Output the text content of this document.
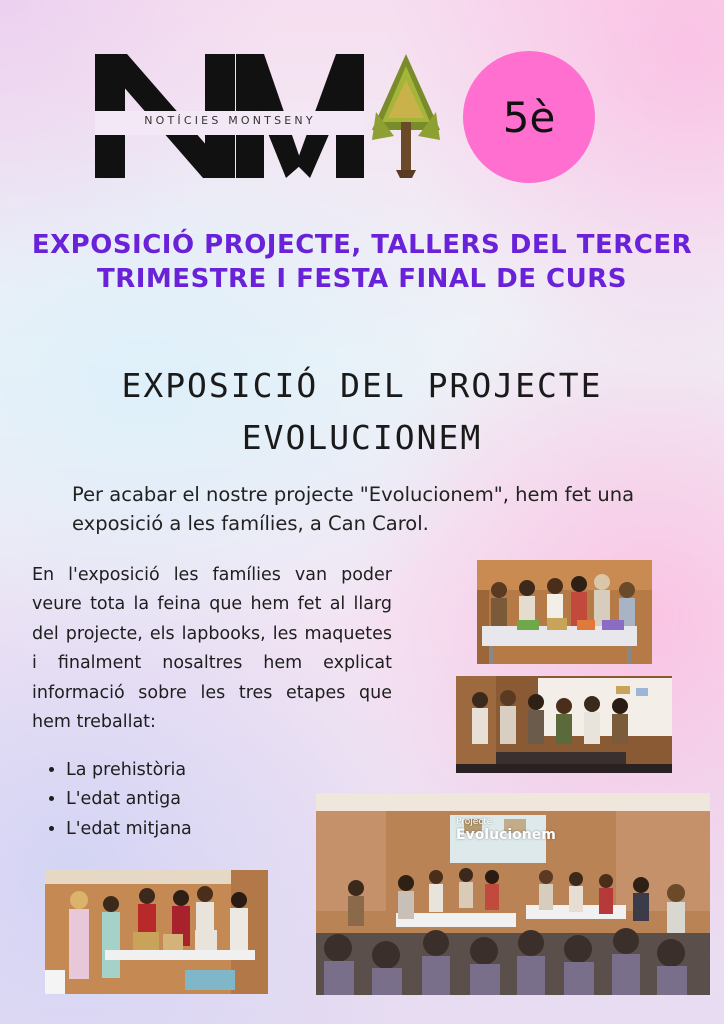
NOTÍCIES MONTSENY	5è
EXPOSICIÓ PROJECTE, TALLERS DEL TERCER TRIMESTRE I FESTA FINAL DE CURS
EXPOSICIÓ DEL PROJECTE
EVOLUCIONEM
Per acabar el nostre projecte "Evolucionem", hem fet una exposició a les famílies, a Can Carol.
En l'exposició les famílies van poder veure tota la feina que hem fet al llarg del projecte, els lapbooks, les maquetes i finalment nosaltres hem explicat informació sobre les tres etapes que hem treballat:
• La prehistòria
• L'edat antiga
• L'edat mitjana	Projecte
Evolucionem
